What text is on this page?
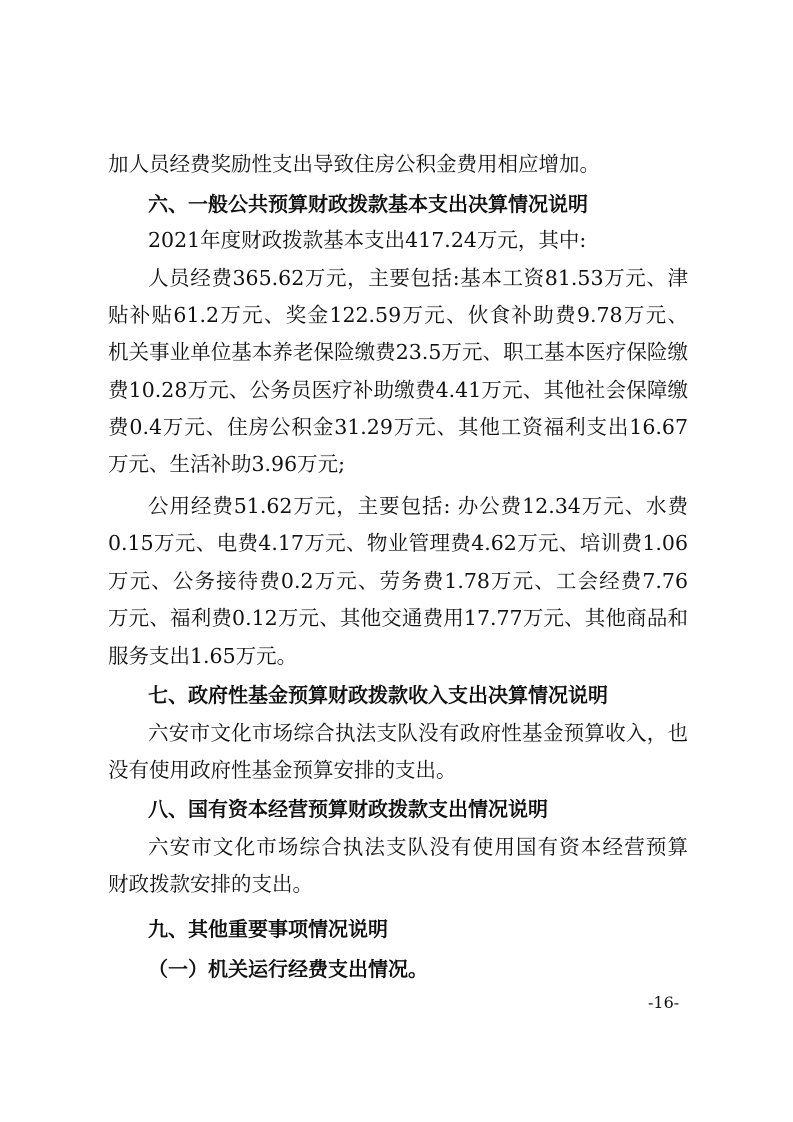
加人员经费奖励性支出导致住房公积金费用相应增加。
六、一般公共预算财政拨款基本支出决算情况说明
2021年度财政拨款基本支出417.24万元，其中:
人员经费365.62万元，主要包括:基本工资81.53万元、津
贴补贴61.2万元、奖金122.59万元、伙食补助费9.78万元、
机关事业单位基本养老保险缴费23.5万元、职工基本医疗保险缴
费10.28万元、公务员医疗补助缴费4.41万元、其他社会保障缴
费0.4万元、住房公积金31.29万元、其他工资福利支出16.67
万元、生活补助3.96万元;
公用经费51.62万元，主要包括: 办公费12.34万元、水费
0.15万元、电费4.17万元、物业管理费4.62万元、培训费1.06
万元、公务接待费0.2万元、劳务费1.78万元、工会经费7.76
万元、福利费0.12万元、其他交通费用17.77万元、其他商品和
服务支出1.65万元。
七、政府性基金预算财政拨款收入支出决算情况说明
六安市文化市场综合执法支队没有政府性基金预算收入，也
没有使用政府性基金预算安排的支出。
八、国有资本经营预算财政拨款支出情况说明
六安市文化市场综合执法支队没有使用国有资本经营预算
财政拨款安排的支出。
九、其他重要事项情况说明
（一）机关运行经费支出情况。
-16-
